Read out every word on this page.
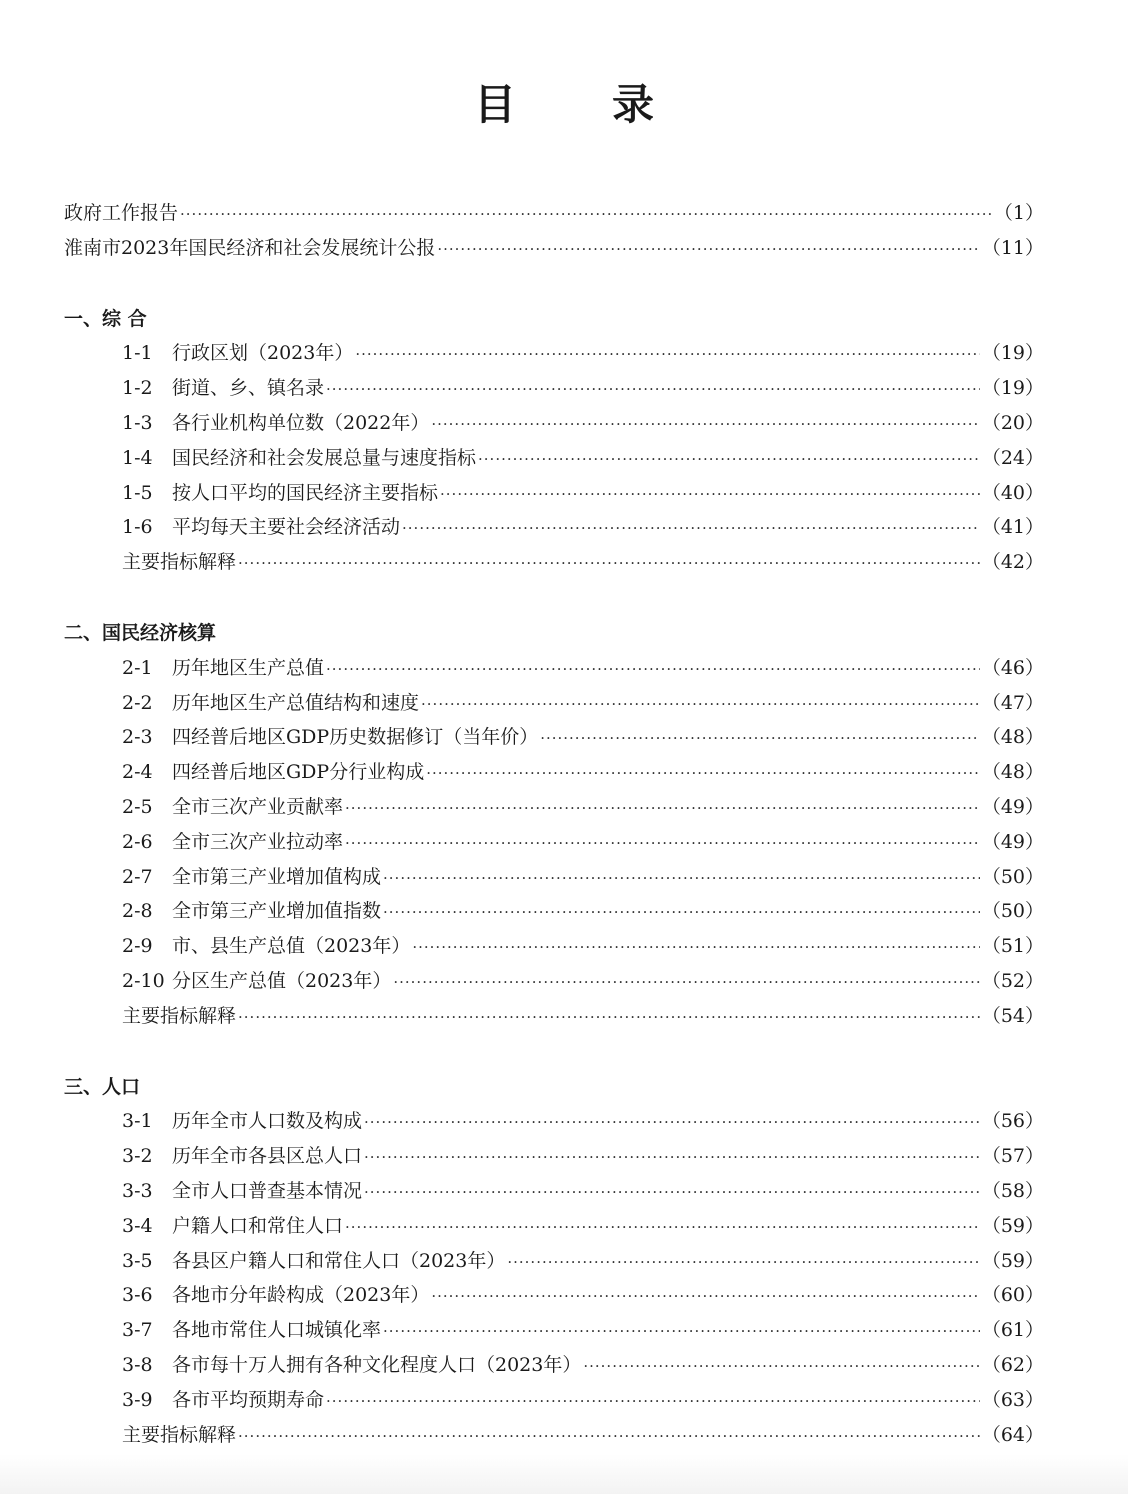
目 录
政府工作报告 ·····	（1）
淮南市2023年国民经济和社会发展统计公报 ·····	（11）
一、综 合
1-1	行政区划（2023年） ·····	（19）
1-2	街道、乡、镇名录 ·····	（19）
1-3	各行业机构单位数（2022年） ·····	（20）
1-4	国民经济和社会发展总量与速度指标 ·····	（24）
1-5	按人口平均的国民经济主要指标 ·····	（40）
1-6	平均每天主要社会经济活动 ·····	（41）
主要指标解释 ·····	（42）
二、国民经济核算
2-1	历年地区生产总值 ·····	（46）
2-2	历年地区生产总值结构和速度 ·····	（47）
2-3	四经普后地区GDP历史数据修订（当年价） ·····	（48）
2-4	四经普后地区GDP分行业构成 ·····	（48）
2-5	全市三次产业贡献率 ·····	（49）
2-6	全市三次产业拉动率 ·····	（49）
2-7	全市第三产业增加值构成 ·····	（50）
2-8	全市第三产业增加值指数 ·····	（50）
2-9	市、县生产总值（2023年） ·····	（51）
2-10 分区生产总值（2023年） ·····	（52）
主要指标解释 ·····	（54）
三、人口
3-1	历年全市人口数及构成 ·····	（56）
3-2	历年全市各县区总人口 ·····	（57）
3-3	全市人口普查基本情况 ·····	（58）
3-4	户籍人口和常住人口 ·····	（59）
3-5	各县区户籍人口和常住人口（2023年） ·····	（59）
3-6	各地市分年龄构成（2023年） ·····	（60）
3-7	各地市常住人口城镇化率 ·····	（61）
3-8	各市每十万人拥有各种文化程度人口（2023年） ·····	（62）
3-9	各市平均预期寿命 ·····	（63）
主要指标解释 ·····	（64）
